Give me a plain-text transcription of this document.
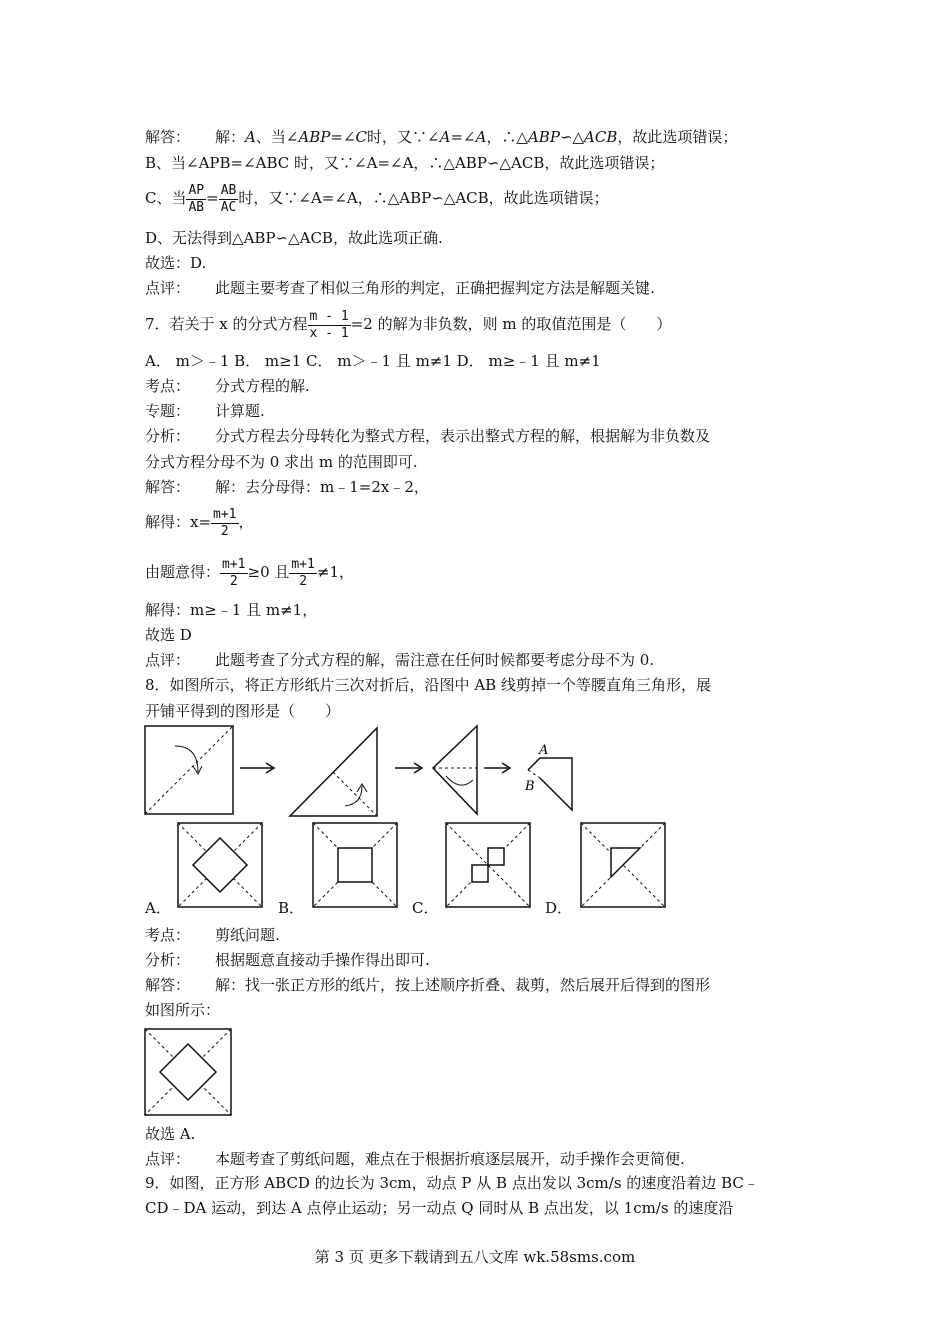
解答： 解：A、当∠ABP=∠C时，又∵∠A=∠A，∴△ABP∽△ACB，故此选项错误；
B、当∠APB=∠ABC 时，又∵∠A=∠A，∴△ABP∽△ACB，故此选项错误；
C、当 $\frac{AP}{AB} = \frac{AB}{AC}$ 时，又∵∠A=∠A，∴△ABP∽△ACB，故此选项错误；
D、无法得到△ABP∽△ACB，故此选项正确.
故选：D.
点评： 此题主要考查了相似三角形的判定，正确把握判定方法是解题关键.
7．若关于 x 的分式方程 $\frac{m - 1}{x - 1} =2$ 的解为非负数，则 m 的取值范围是（　　）
A． m＞﹣1 B． m≥1 C． m＞﹣1 且 m≠1 D． m≥﹣1 且 m≠1
考点： 分式方程的解.
专题： 计算题.
分析： 分式方程去分母转化为整式方程，表示出整式方程的解，根据解为非负数及
分式方程分母不为 0 求出 m 的范围即可.
解答： 解：去分母得：m﹣1=2x﹣2，
解得：$x= \frac{m+1}{2}$ ，
由题意得： $\frac{m+1}{2} \ge 0$ 且 $\frac{m+1}{2} \ne 1$，
解得：m≥﹣1 且 m≠1，
故选 D
点评： 此题考查了分式方程的解，需注意在任何时候都要考虑分母不为 0.
8．如图所示，将正方形纸片三次对折后，沿图中 AB 线剪掉一个等腰直角三角形，展
开铺平得到的图形是（　　）
A
B
A．	B．	C．	D．
考点： 剪纸问题.
分析： 根据题意直接动手操作得出即可.
解答： 解：找一张正方形的纸片，按上述顺序折叠、裁剪，然后展开后得到的图形
如图所示：
故选 A.
点评： 本题考查了剪纸问题，难点在于根据折痕逐层展开，动手操作会更简便.
9．如图，正方形 ABCD 的边长为 3cm，动点 P 从 B 点出发以 3cm/s 的速度沿着边 BC﹣
CD﹣DA 运动，到达 A 点停止运动；另一动点 Q 同时从 B 点出发，以 1cm/s 的速度沿
第 3 页 更多下载请到五八文库 wk.58sms.com
